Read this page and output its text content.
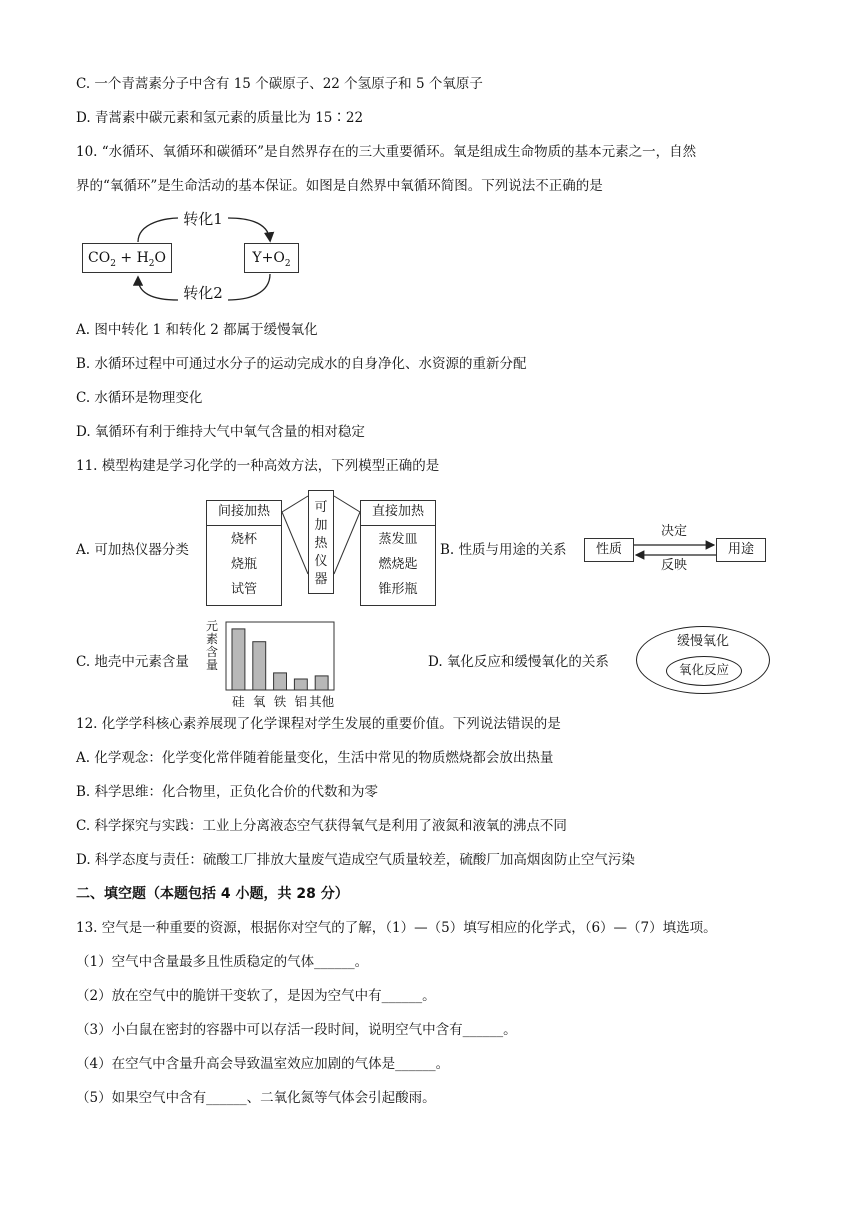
C. 一个青蒿素分子中含有 15 个碳原子、22 个氢原子和 5 个氧原子
D. 青蒿素中碳元素和氢元素的质量比为 15∶22
10. “水循环、氧循环和碳循环”是自然界存在的三大重要循环。氧是组成生命物质的基本元素之一，自然
界的“氧循环”是生命活动的基本保证。如图是自然界中氧循环简图。下列说法不正确的是
$CO_2 + H_2O$	$Y+O_2$
转化1
转化2
A. 图中转化 1 和转化 2 都属于缓慢氧化
B. 水循环过程中可通过水分子的运动完成水的自身净化、水资源的重新分配
C. 水循环是物理变化
D. 氧循环有利于维持大气中氧气含量的相对稳定
11. 模型构建是学习化学的一种高效方法，下列模型正确的是
A. 可加热仪器分类
间接加热
烧杯
烧瓶
试管
可
加
热
仪
器
直接加热
蒸发皿
燃烧匙
锥形瓶
B. 性质与用途的关系	性质	用途
决定
反映
C. 地壳中元素含量
元
素
含
量
硅 氧 铁 铝 其他
D. 氧化反应和缓慢氧化的关系
缓慢氧化
氧化反应
12. 化学学科核心素养展现了化学课程对学生发展的重要价值。下列说法错误的是
A. 化学观念：化学变化常伴随着能量变化，生活中常见的物质燃烧都会放出热量
B. 科学思维：化合物里，正负化合价的代数和为零
C. 科学探究与实践：工业上分离液态空气获得氧气是利用了液氮和液氧的沸点不同
D. 科学态度与责任：硫酸工厂排放大量废气造成空气质量较差，硫酸厂加高烟囱防止空气污染
二、填空题（本题包括 4 小题，共 28 分）
13. 空气是一种重要的资源，根据你对空气的了解，（1）—（5）填写相应的化学式，（6）—（7）填选项。
（1）空气中含量最多且性质稳定的气体______。
（2）放在空气中的脆饼干变软了，是因为空气中有______。
（3）小白鼠在密封的容器中可以存活一段时间，说明空气中含有______。
（4）在空气中含量升高会导致温室效应加剧的气体是______。
（5）如果空气中含有______、二氧化氮等气体会引起酸雨。
